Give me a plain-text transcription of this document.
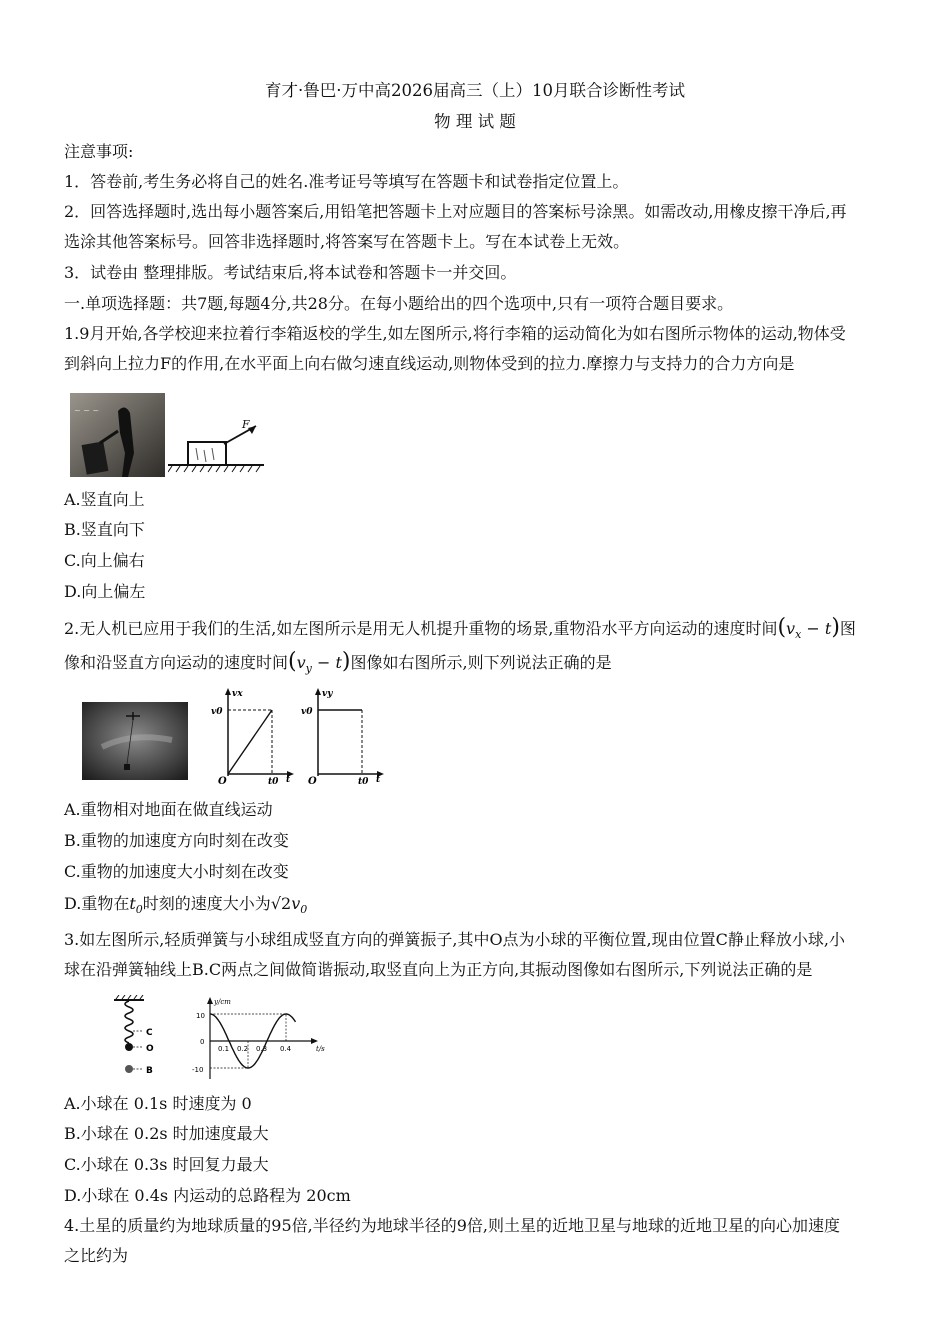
育才·鲁巴·万中高2026届高三（上）10月联合诊断性考试
物 理 试 题
注意事项:
1．答卷前,考生务必将自己的姓名.准考证号等填写在答题卡和试卷指定位置上。
2．回答选择题时,选出每小题答案后,用铅笔把答题卡上对应题目的答案标号涂黑。如需改动,用橡皮擦干净后,再
选涂其他答案标号。回答非选择题时,将答案写在答题卡上。写在本试卷上无效。
3．试卷由 整理排版。考试结束后,将本试卷和答题卡一并交回。
一.单项选择题：共7题,每题4分,共28分。在每小题给出的四个选项中,只有一项符合题目要求。
1.9月开始,各学校迎来拉着行李箱返校的学生,如左图所示,将行李箱的运动简化为如右图所示物体的运动,物体受
到斜向上拉力F的作用,在水平面上向右做匀速直线运动,则物体受到的拉力.摩擦力与支持力的合力方向是
~ ~ ~
F
A.竖直向上
B.竖直向下
C.向上偏右
D.向上偏左
2.无人机已应用于我们的生活,如左图所示是用无人机提升重物的场景,重物沿水平方向运动的速度时间$(v_x - t)$图
像和沿竖直方向运动的速度时间$(v_y - t)$图像如右图所示,则下列说法正确的是
vx
v0
O	t0 t
vy
v0
O	t0 t
A.重物相对地面在做直线运动
B.重物的加速度方向时刻在改变
C.重物的加速度大小时刻在改变
D.重物在$t_0$时刻的速度大小为$√2v_0$
3.如左图所示,轻质弹簧与小球组成竖直方向的弹簧振子,其中O点为小球的平衡位置,现由位置C静止释放小球,小
球在沿弹簧轴线上B.C两点之间做简谐振动,取竖直向上为正方向,其振动图像如右图所示,下列说法正确的是
C
O
B
y/cm
t/s
10
0
-10
0.1 0.2 0.3 0.4
A.小球在 0.1s 时速度为 0
B.小球在 0.2s 时加速度最大
C.小球在 0.3s 时回复力最大
D.小球在 0.4s 内运动的总路程为 20cm
4.土星的质量约为地球质量的95倍,半径约为地球半径的9倍,则土星的近地卫星与地球的近地卫星的向心加速度
之比约为
